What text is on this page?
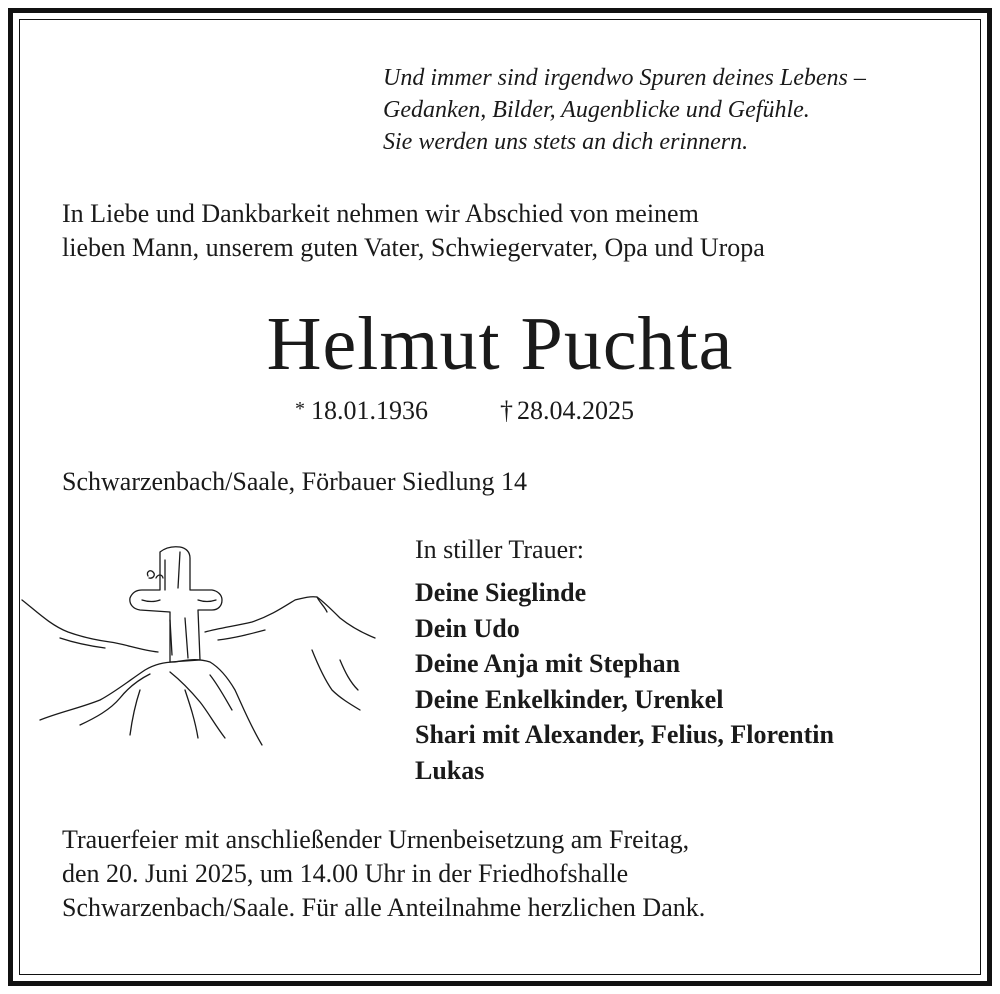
Und immer sind irgendwo Spuren deines Lebens –
Gedanken, Bilder, Augenblicke und Gefühle.
Sie werden uns stets an dich erinnern.
In Liebe und Dankbarkeit nehmen wir Abschied von meinem
lieben Mann, unserem guten Vater, Schwiegervater, Opa und Uropa
Helmut Puchta
* 18.01.1936	† 28.04.2025
Schwarzenbach/Saale, Förbauer Siedlung 14
In stiller Trauer:
Deine Sieglinde
Dein Udo
Deine Anja mit Stephan
Deine Enkelkinder, Urenkel
Shari mit Alexander, Felius, Florentin
Lukas
Trauerfeier mit anschließender Urnenbeisetzung am Freitag,
den 20. Juni 2025, um 14.00 Uhr in der Friedhofshalle
Schwarzenbach/Saale. Für alle Anteilnahme herzlichen Dank.
